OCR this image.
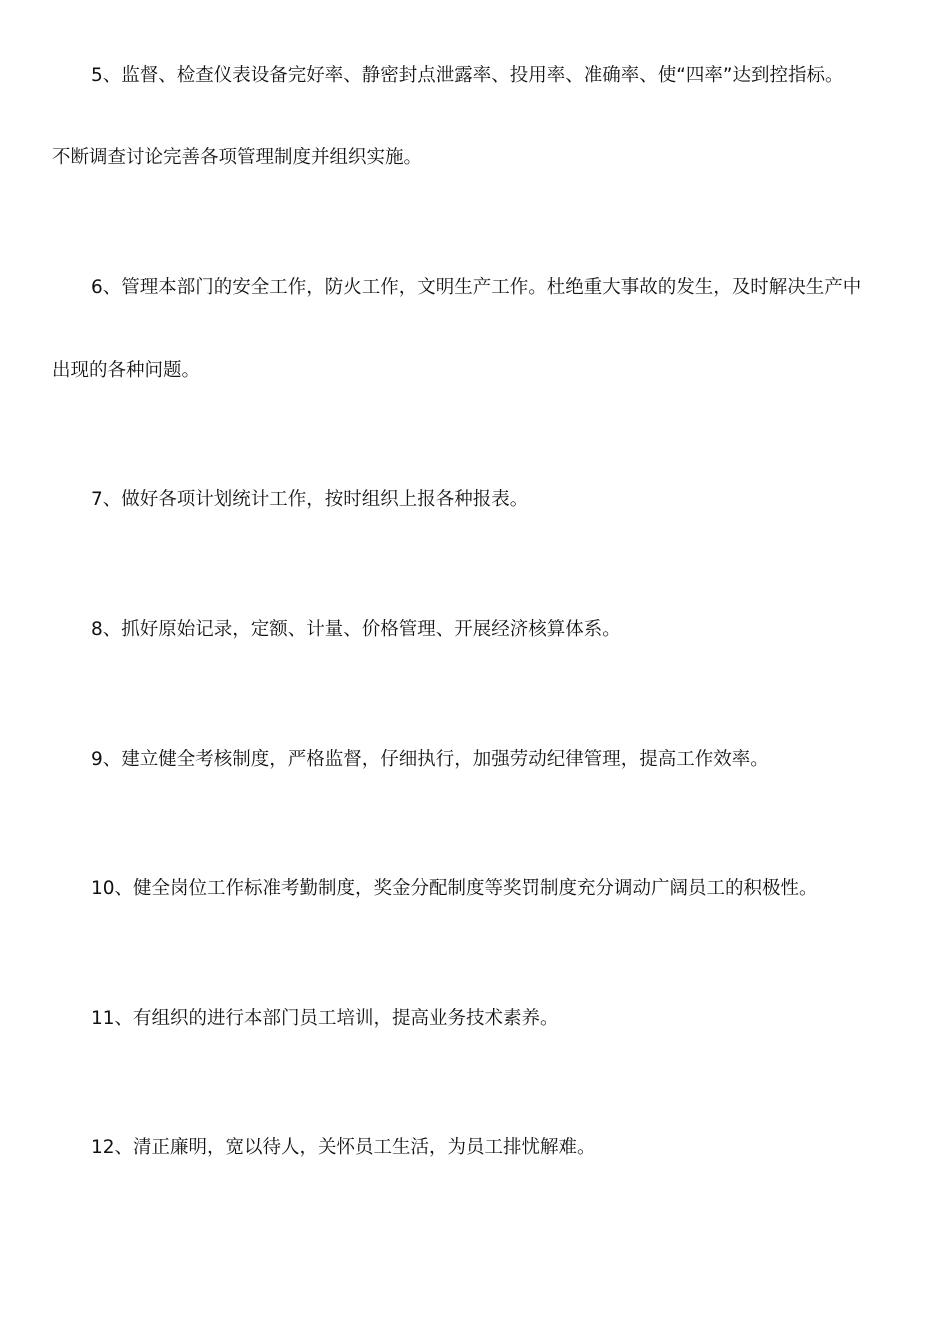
5、监督、检查仪表设备完好率、静密封点泄露率、投用率、准确率、使“四率”达到控指标。

不断调查讨论完善各项管理制度并组织实施。

6、管理本部门的安全工作，防火工作，文明生产工作。杜绝重大事故的发生，及时解决生产中

出现的各种问题。

7、做好各项计划统计工作，按时组织上报各种报表。

8、抓好原始记录，定额、计量、价格管理、开展经济核算体系。

9、建立健全考核制度，严格监督，仔细执行，加强劳动纪律管理，提高工作效率。

10、健全岗位工作标准考勤制度，奖金分配制度等奖罚制度充分调动广阔员工的积极性。

11、有组织的进行本部门员工培训，提高业务技术素养。

12、清正廉明，宽以待人，关怀员工生活，为员工排忧解难。
